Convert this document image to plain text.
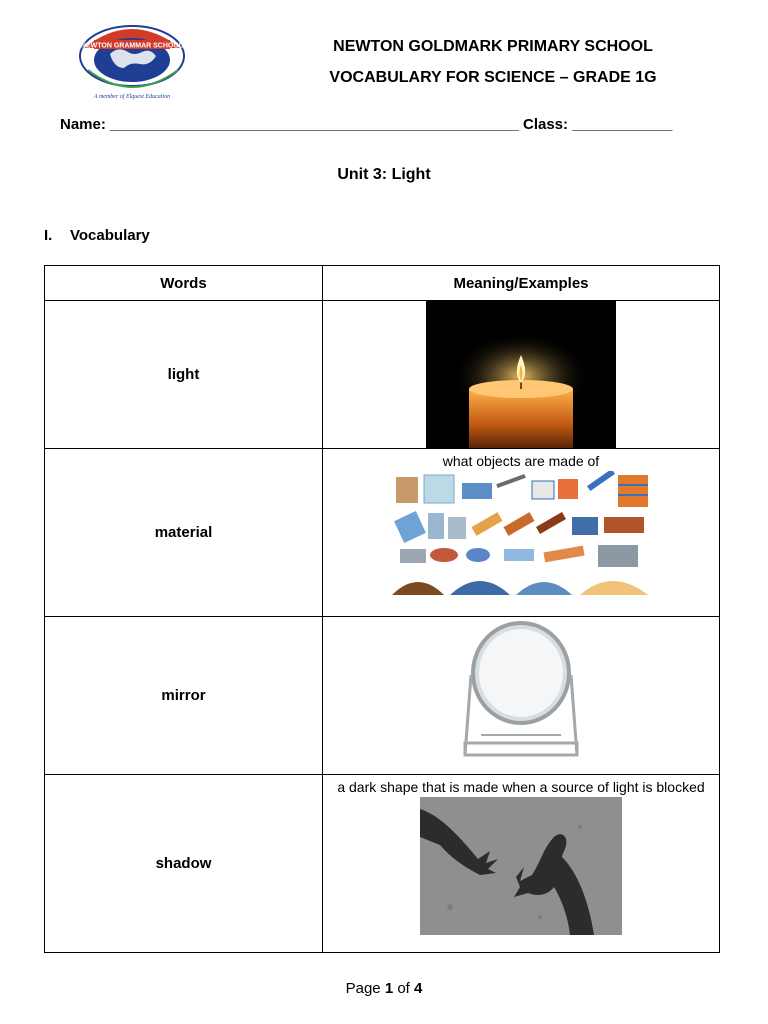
NEWTON GRAMMAR SCHOOL
A member of Elquest Education
NEWTON GOLDMARK PRIMARY SCHOOL
VOCABULARY FOR SCIENCE – GRADE 1G
Name: _________________________________________________ Class: ____________
Unit 3: Light
I. Vocabulary
Words	Meaning/Examples
light	

material	what objects are made of

mirror	

shadow	a dark shape that is made when a source of light is blocked
Page 1 of 4
